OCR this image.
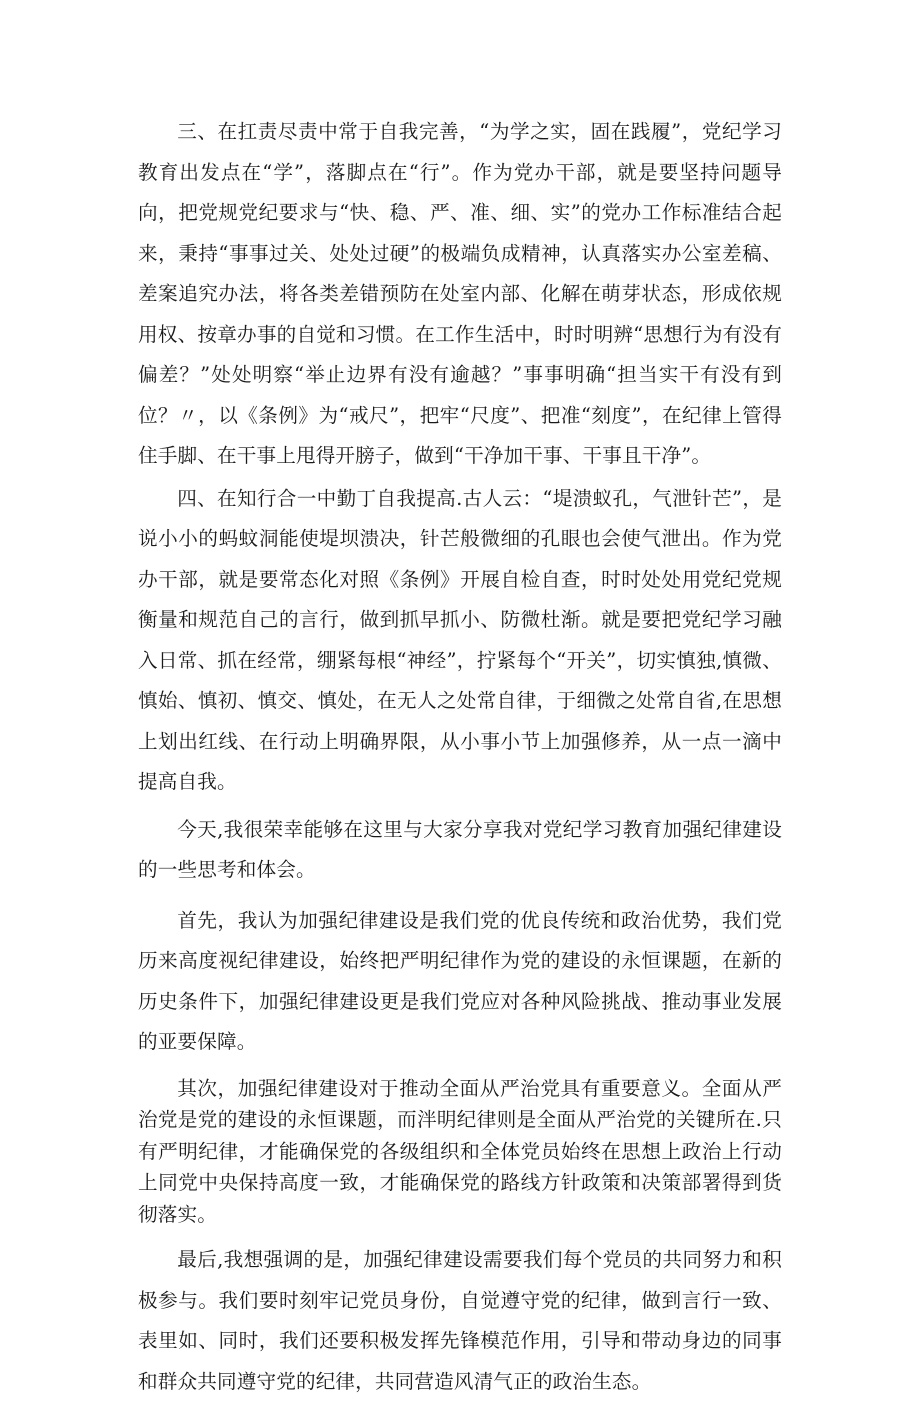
三、在扛责尽责中常于自我完善，“为学之实，固在践履”，党纪学习教育出发点在“学”，落脚点在“行”。作为党办干部，就是要坚持问题导向，把党规党纪要求与“快、稳、严、准、细、实”的党办工作标准结合起来，秉持“事事过关、处处过硬”的极端负成精神，认真落实办公室差稿、差案追究办法，将各类差错预防在处室内部、化解在萌芽状态，形成依规用权、按章办事的自觉和习惯。在工作生活中，时时明辨“思想行为有没有偏差？”处处明察“举止边界有没有逾越？”事事明确“担当实干有没有到位？〃，以《条例》为“戒尺”，把牢“尺度”、把准“刻度”，在纪律上管得住手脚、在干事上甩得开膀子，做到“干净加干事、干事且干净”。

四、在知行合一中勤丁自我提高.古人云：“堤溃蚁孔，气泄针芒”，是说小小的蚂蚊洞能使堤坝溃决，针芒般微细的孔眼也会使气泄出。作为党办干部，就是要常态化对照《条例》开展自检自查，时时处处用党纪党规衡量和规范自己的言行，做到抓早抓小、防微杜渐。就是要把党纪学习融入日常、抓在经常，绷紧每根“神经”，拧紧每个“开关”，切实慎独,慎微、慎始、慎初、慎交、慎处，在无人之处常自律，于细微之处常自省,在思想上划出红线、在行动上明确界限，从小事小节上加强修养，从一点一滴中提高自我。

今天,我很荣幸能够在这里与大家分享我对党纪学习教育加强纪律建设的一些思考和体会。

首先，我认为加强纪律建设是我们党的优良传统和政治优势，我们党历来高度视纪律建设，始终把严明纪律作为党的建设的永恒课题，在新的历史条件下，加强纪律建设更是我们党应对各种风险挑战、推动事业发展的亚要保障。

其次，加强纪律建设对于推动全面从严治党具有重要意义。全面从严治党是党的建设的永恒课题，而泮明纪律则是全面从严治党的关键所在.只有严明纪律，才能确保党的各级组织和全体党员始终在思想上政治上行动上同党中央保持高度一致，才能确保党的路线方针政策和决策部署得到货彻落实。

最后,我想强调的是，加强纪律建设需要我们每个党员的共同努力和积极参与。我们要时刻牢记党员身份，自觉遵守党的纪律，做到言行一致、表里如、同时，我们还要积极发挥先锋模范作用，引导和带动身边的同事和群众共同遵守党的纪律，共同营造风清气正的政治生态。
